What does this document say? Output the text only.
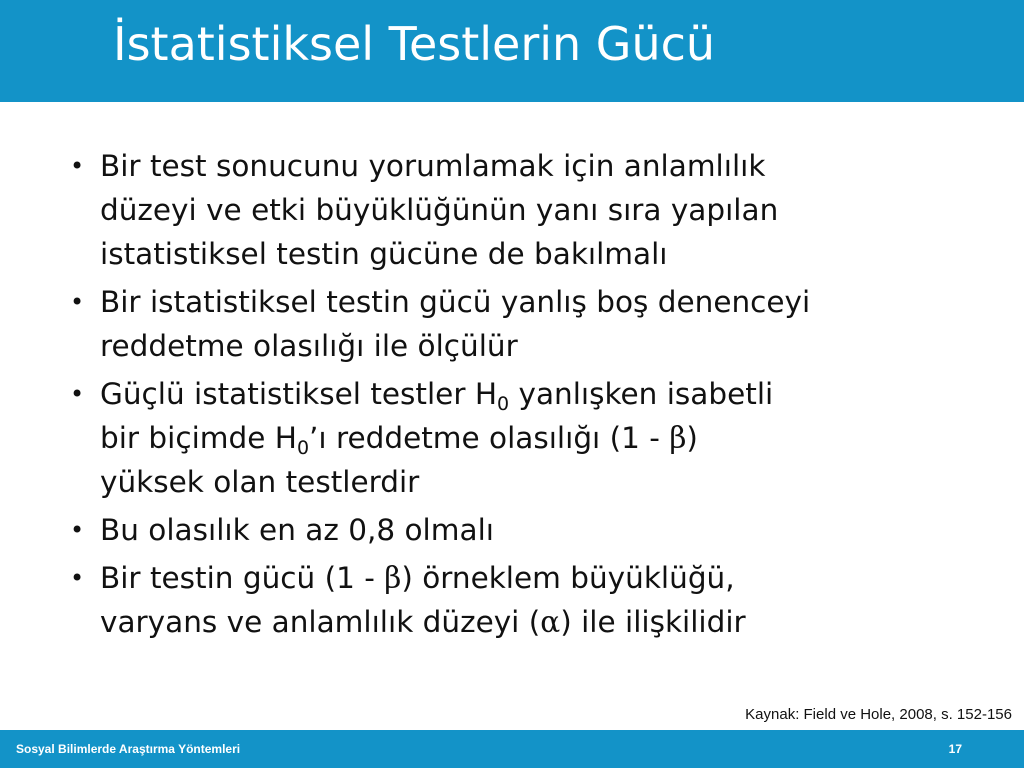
İstatistiksel Testlerin Gücü
• Bir test sonucunu yorumlamak için anlamlılık
düzeyi ve etki büyüklüğünün yanı sıra yapılan
istatistiksel testin gücüne de bakılmalı
• Bir istatistiksel testin gücü yanlış boş denenceyi
reddetme olasılığı ile ölçülür
• Güçlü istatistiksel testler $H_0$ yanlışken isabetli
bir biçimde $H_0’ı$ reddetme olasılığı (1 - β)
yüksek olan testlerdir
• Bu olasılık en az 0,8 olmalı
• Bir testin gücü (1 - β) örneklem büyüklüğü,
varyans ve anlamlılık düzeyi (α) ile ilişkilidir
Kaynak: Field ve Hole, 2008, s. 152-156
Sosyal Bilimlerde Araştırma Yöntemleri	17
